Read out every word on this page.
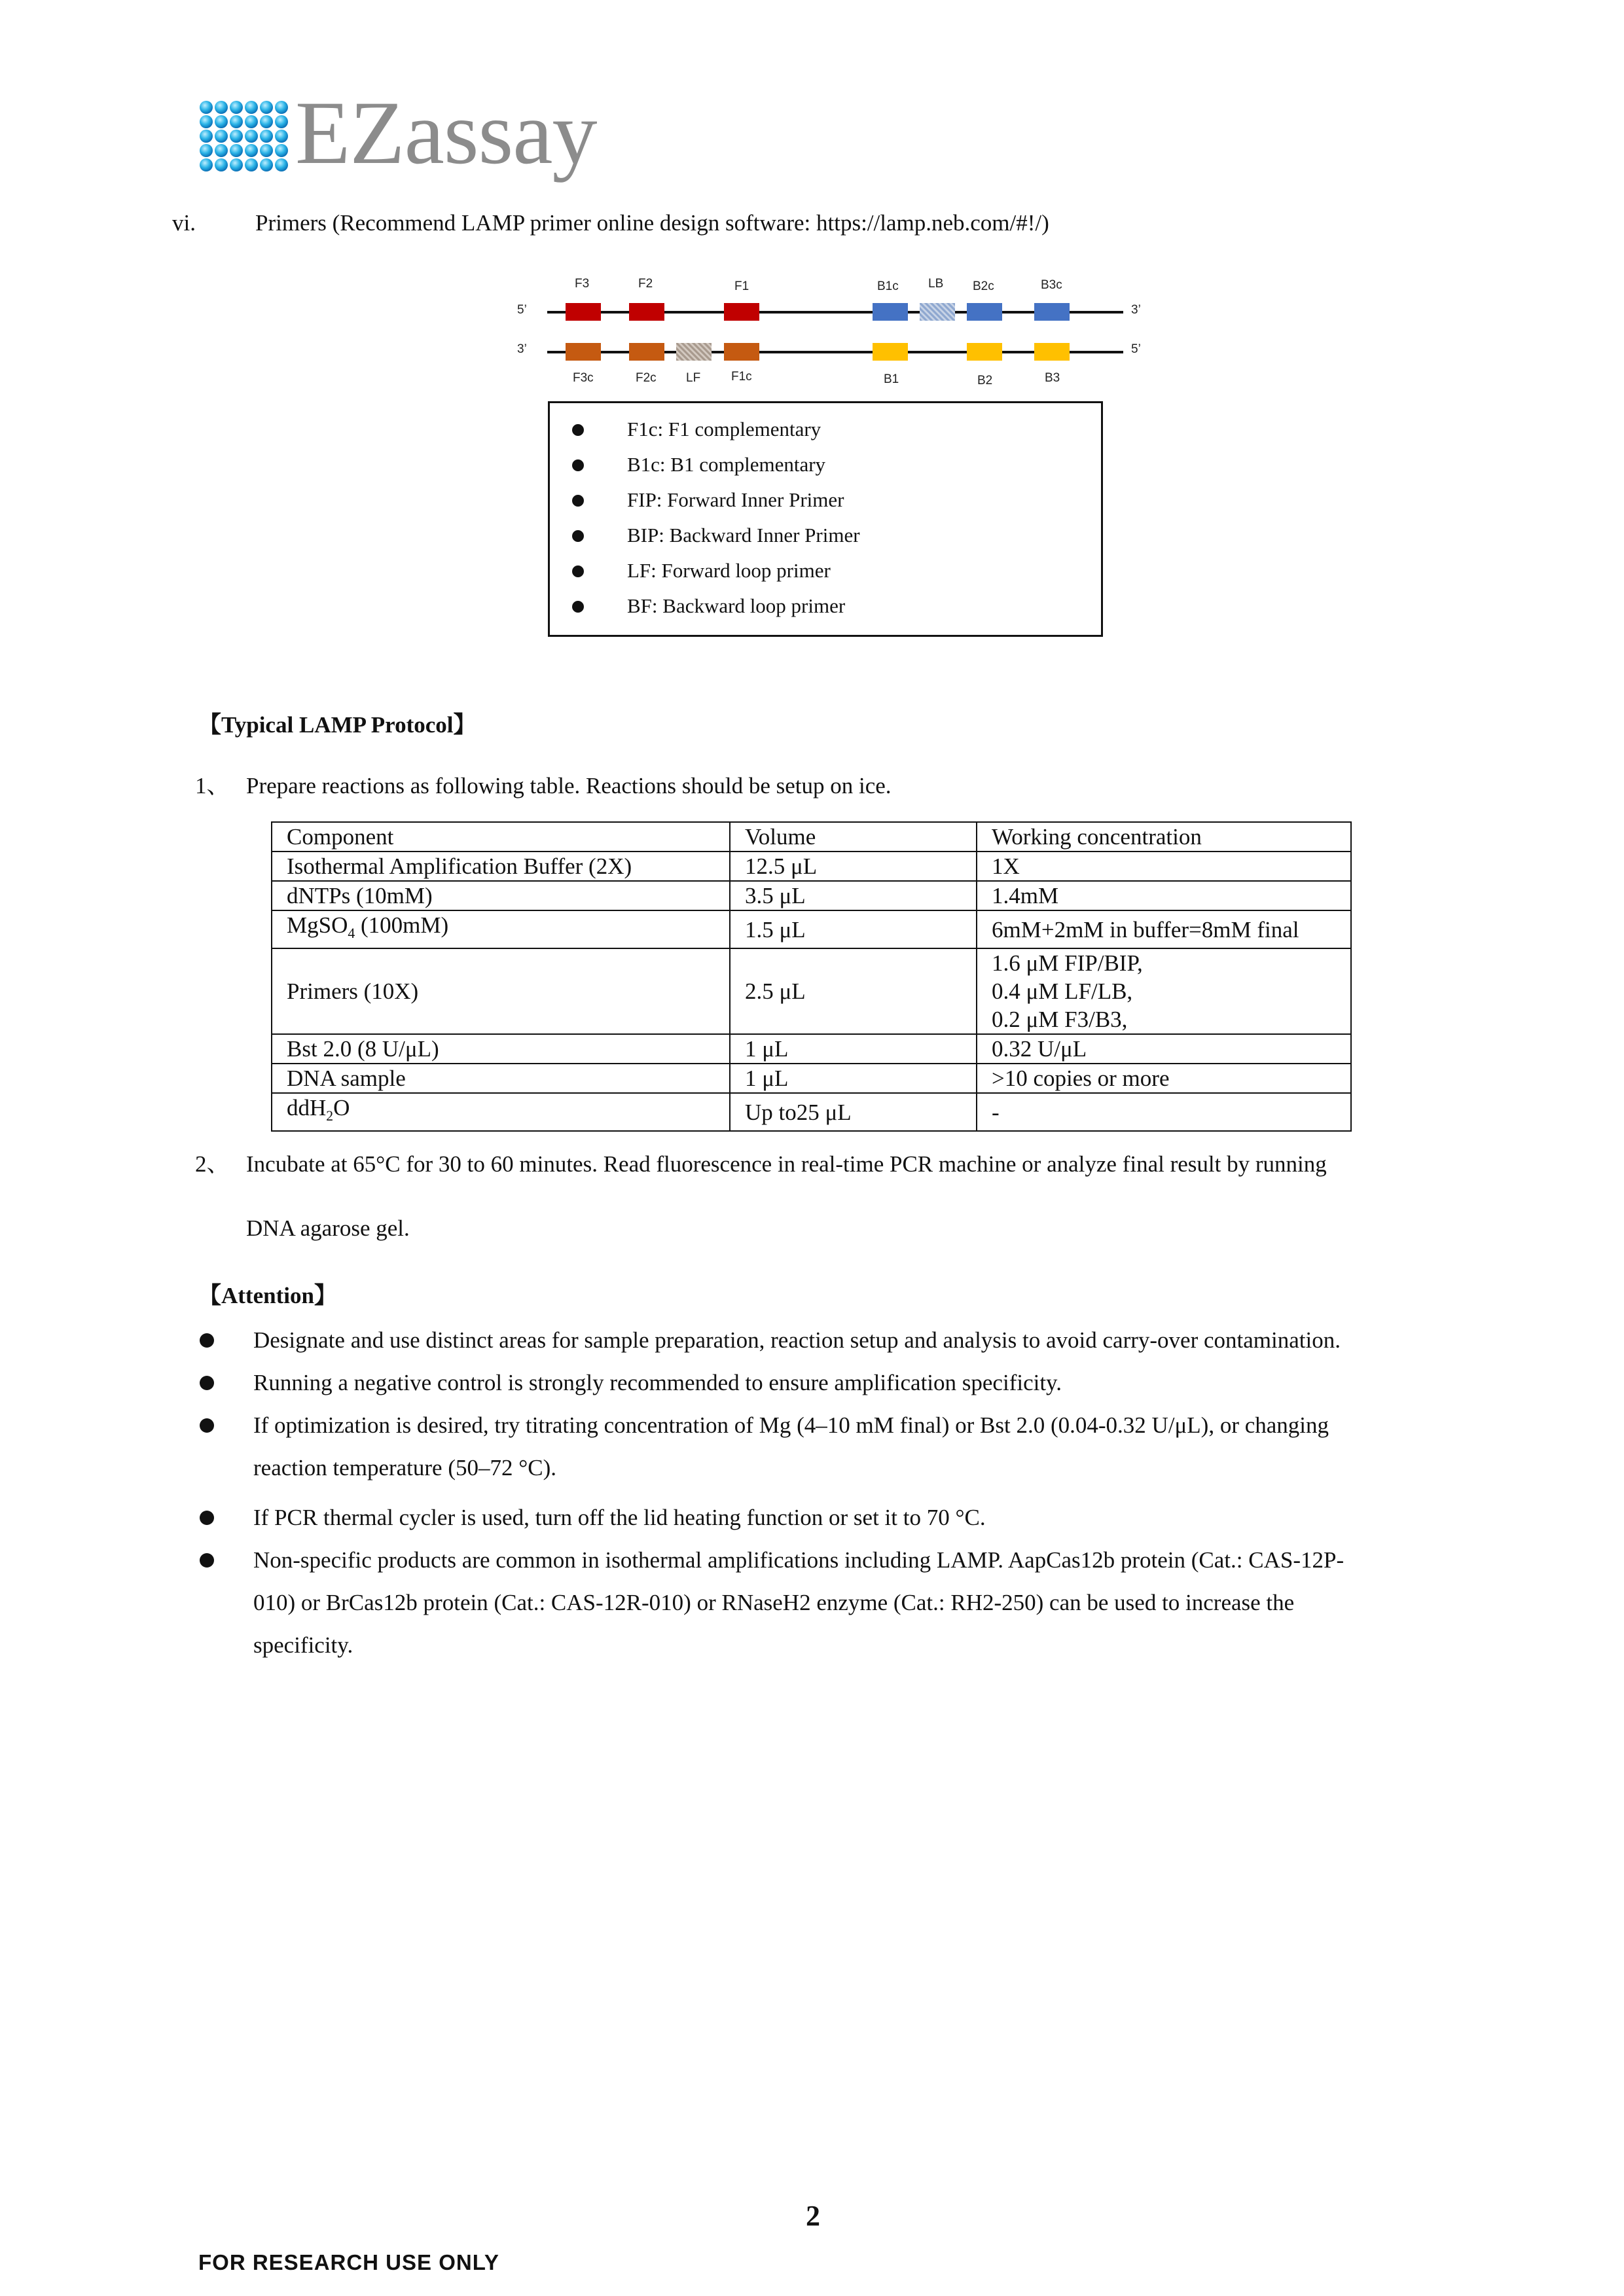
EZassay
vi.	Primers (Recommend LAMP primer online design software: https://lamp.neb.com/#!/)
5’
3’
3’
5’
F3	F2	F1	B1c LB B2c	B3c
F3c	F2c LF F1c	B1	B2	B3
F1c: F1 complementary
B1c: B1 complementary
FIP: Forward Inner Primer
BIP: Backward Inner Primer
LF: Forward loop primer
BF: Backward loop primer
【Typical LAMP Protocol】
1、 Prepare reactions as following table. Reactions should be setup on ice.
Component	Volume	Working concentration
Isothermal Amplification Buffer (2X)	12.5 μL	1X
dNTPs (10mM)	3.5 μL	1.4mM
MgSO$_4$ (100mM)	1.5 μL	6mM+2mM in buffer=8mM final
Primers (10X)	2.5 μL	1.6 μM FIP/BIP,
0.4 μM LF/LB,
0.2 μM F3/B3,

Bst 2.0 (8 U/μL)	1 μL	0.32 U/μL
DNA sample	1 μL	>10 copies or more
ddH$_2$O	Up to25 μL	-
2、 Incubate at 65°C for 30 to 60 minutes. Read fluorescence in real-time PCR machine or analyze final result by running
DNA agarose gel.
【Attention】
Designate and use distinct areas for sample preparation, reaction setup and analysis to avoid carry-over contamination.
Running a negative control is strongly recommended to ensure amplification specificity.
If optimization is desired, try titrating concentration of Mg (4–10 mM final) or Bst 2.0 (0.04-0.32 U/μL), or changing
reaction temperature (50–72 °C).
If PCR thermal cycler is used, turn off the lid heating function or set it to 70 °C.
Non-specific products are common in isothermal amplifications including LAMP. AapCas12b protein (Cat.: CAS-12P-
010) or BrCas12b protein (Cat.: CAS-12R-010) or RNaseH2 enzyme (Cat.: RH2-250) can be used to increase the
specificity.
2
FOR RESEARCH USE ONLY
